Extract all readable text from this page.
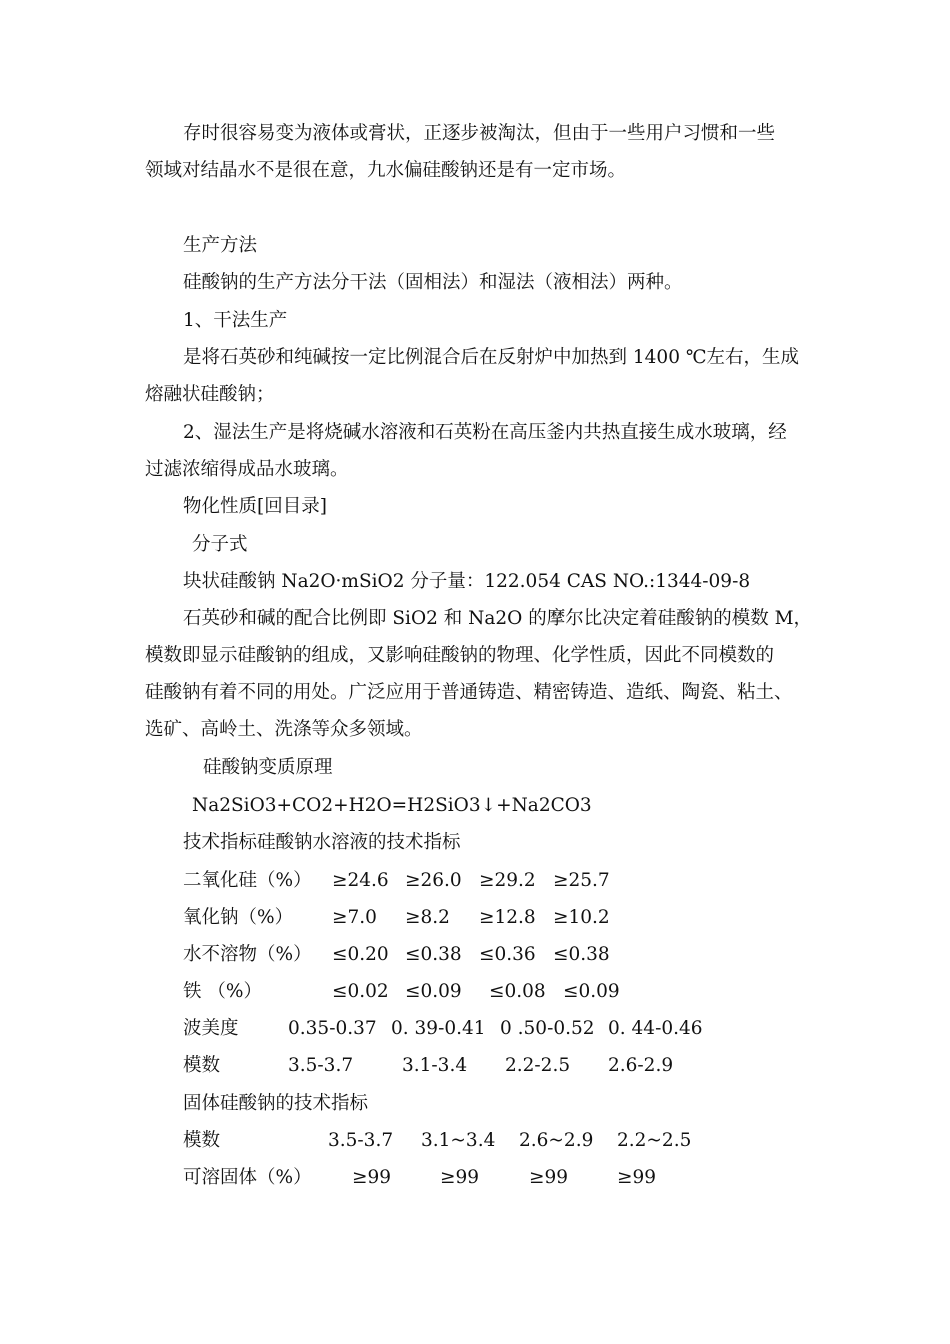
存时很容易变为液体或膏状，正逐步被淘汰，但由于一些用户习惯和一些
领域对结晶水不是很在意，九水偏硅酸钠还是有一定市场。
生产方法
硅酸钠的生产方法分干法（固相法）和湿法（液相法）两种。
1、干法生产
是将石英砂和纯碱按一定比例混合后在反射炉中加热到 1400 ℃左右，生成
熔融状硅酸钠；
2、湿法生产是将烧碱水溶液和石英粉在高压釜内共热直接生成水玻璃，经
过滤浓缩得成品水玻璃。
物化性质[回目录]
分子式
块状硅酸钠 Na2O·mSiO2 分子量：122.054 CAS NO.:1344-09-8
石英砂和碱的配合比例即 SiO2 和 Na2O 的摩尔比决定着硅酸钠的模数 M，
模数即显示硅酸钠的组成，又影响硅酸钠的物理、化学性质，因此不同模数的
硅酸钠有着不同的用处。广泛应用于普通铸造、精密铸造、造纸、陶瓷、粘土、
选矿、高岭土、洗涤等众多领域。
硅酸钠变质原理
Na2SiO3+CO2+H2O=H2SiO3↓+Na2CO3
技术指标硅酸钠水溶液的技术指标
二氧化硅（%） ≥24.6 ≥26.0 ≥29.2 ≥25.7
氧化钠（%） ≥7.0 ≥8.2 ≥12.8 ≥10.2
水不溶物（%） ≤0.20 ≤0.38 ≤0.36 ≤0.38
铁 （%）	≤0.02 ≤0.09 ≤0.08 ≤0.09
波美度	0.35-0.37 0. 39-0.41 0 .50-0.52 0. 44-0.46
模数	3.5-3.7	3.1-3.4 2.2-2.5 2.6-2.9
固体硅酸钠的技术指标
模数	3.5-3.7 3.1~3.4 2.6~2.9 2.2~2.5
可溶固体（%） ≥99	≥99	≥99	≥99
